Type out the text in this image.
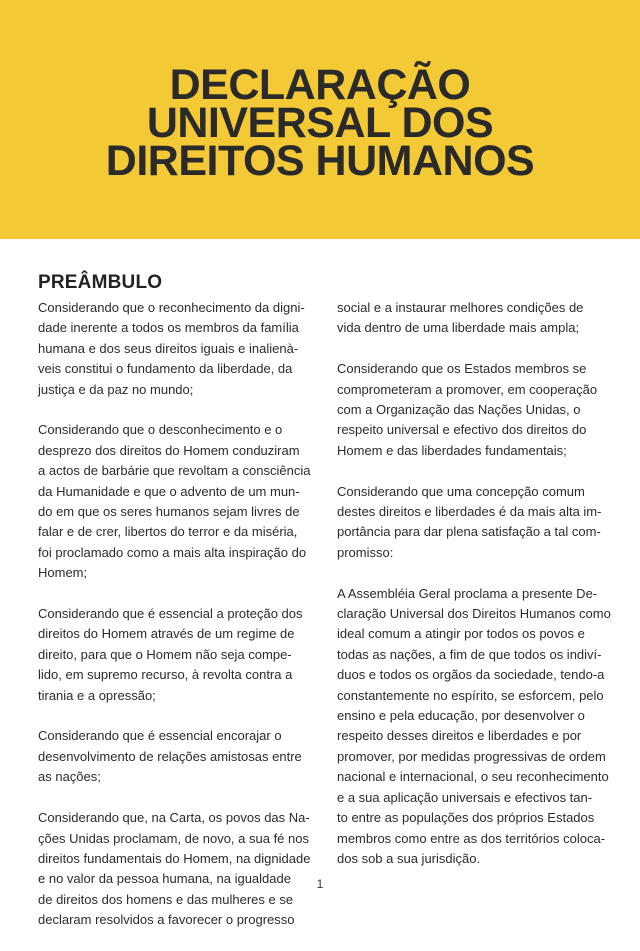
DECLARAÇÃO
UNIVERSAL DOS
DIREITOS HUMANOS
PREÂMBULO

Considerando que o reconhecimento da digni-
dade inerente a todos os membros da família
humana e dos seus direitos iguais e inalienà-
veis constitui o fundamento da liberdade, da
justiça e da paz no mundo;

Considerando que o desconhecimento e o
desprezo dos direitos do Homem conduziram
a actos de barbárie que revoltam a consciência
da Humanidade e que o advento de um mun-
do em que os seres humanos sejam livres de
falar e de crer, libertos do terror e da miséria,
foi proclamado como a mais alta inspiração do
Homem;

Considerando que é essencial a proteção dos
direitos do Homem através de um regime de
direito, para que o Homem não seja compe-
lido, em supremo recurso, à revolta contra a
tirania e a opressão;

Considerando que é essencial encorajar o
desenvolvimento de relações amistosas entre
as nações;

Considerando que, na Carta, os povos das Na-
ções Unidas proclamam, de novo, a sua fé nos
direitos fundamentais do Homem, na dignidade
e no valor da pessoa humana, na igualdade
de direitos dos homens e das mulheres e se
declaram resolvidos a favorecer o progresso

social e a instaurar melhores condições de
vida dentro de uma liberdade mais ampla;

Considerando que os Estados membros se
comprometeram a promover, em cooperação
com a Organização das Nações Unidas, o
respeito universal e efectivo dos direitos do
Homem e das liberdades fundamentais;

Considerando que uma concepção comum
destes direitos e liberdades é da mais alta im-
portância para dar plena satisfação a tal com-
promisso:

A Assembléia Geral proclama a presente De-
claração Universal dos Direitos Humanos como
ideal comum a atingir por todos os povos e
todas as nações, a fim de que todos os indiví-
duos e todos os orgãos da sociedade, tendo-a
constantemente no espírito, se esforcem, pelo
ensino e pela educação, por desenvolver o
respeito desses direitos e liberdades e por
promover, por medidas progressivas de ordem
nacional e internacional, o seu reconhecimento
e a sua aplicação universais e efectivos tan-
to entre as populações dos próprios Estados
membros como entre as dos territórios coloca-
dos sob a sua jurisdição.

1
